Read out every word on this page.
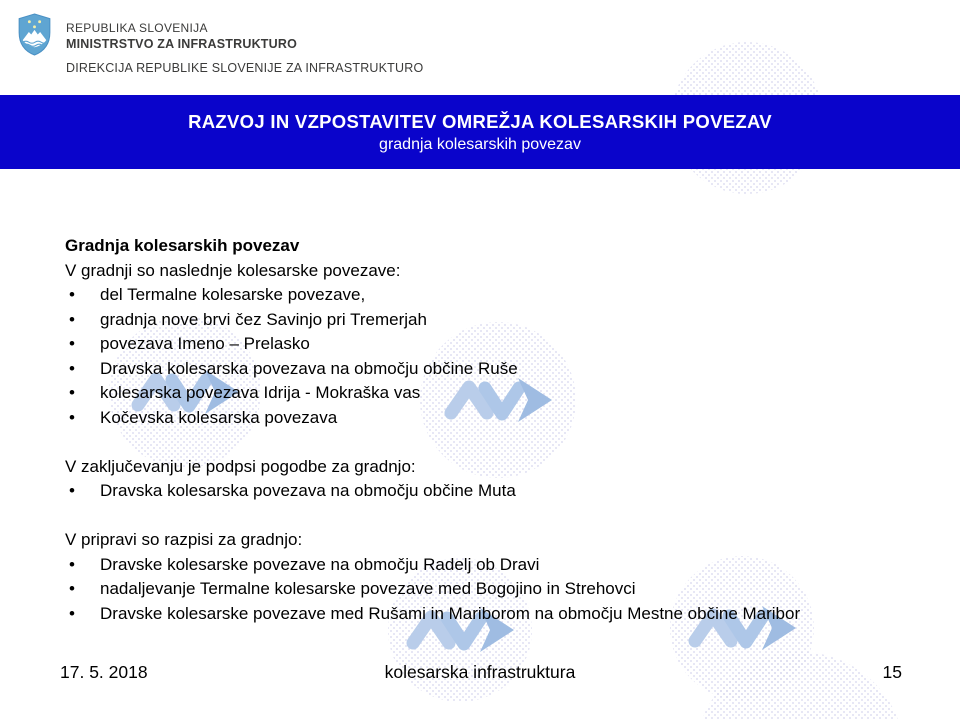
REPUBLIKA SLOVENIJA

MINISTRSTVO ZA INFRASTRUKTURO

DIREKCIJA REPUBLIKE SLOVENIJE ZA INFRASTRUKTURO

RAZVOJ IN VZPOSTAVITEV OMREŽJA KOLESARSKIH POVEZAV

gradnja kolesarskih povezav

Gradnja kolesarskih povezav

V gradnji so naslednje kolesarske povezave:

• del Termalne kolesarske povezave,
• gradnja nove brvi čez Savinjo pri Tremerjah
• povezava Imeno – Prelasko
• Dravska kolesarska povezava na območju občine Ruše
• kolesarska povezava Idrija - Mokraška vas
• Kočevska kolesarska povezava

V zaključevanju je podpsi pogodbe za gradnjo:

• Dravska kolesarska povezava na območju občine Muta

V pripravi so razpisi za gradnjo:

• Dravske kolesarske povezave na območju Radelj ob Dravi
• nadaljevanje Termalne kolesarske povezave med Bogojino in Strehovci
• Dravske kolesarske povezave med Rušami in Mariborom na območju Mestne občine Maribor
17. 5. 2018	kolesarska infrastruktura	15
